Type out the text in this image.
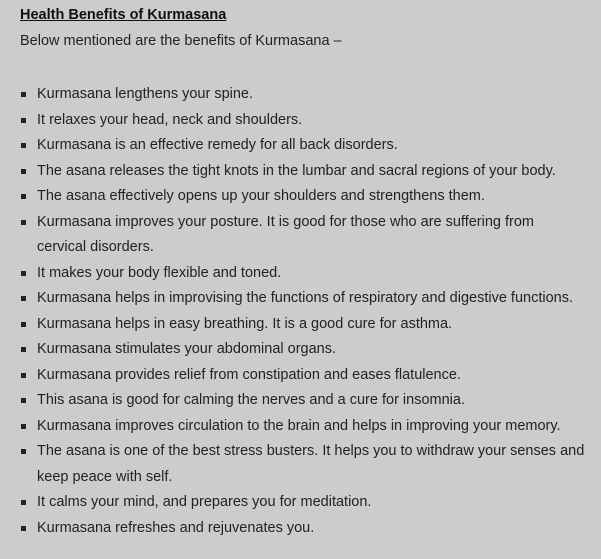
Health Benefits of Kurmasana

Below mentioned are the benefits of Kurmasana –

Kurmasana lengthens your spine.
It relaxes your head, neck and shoulders.
Kurmasana is an effective remedy for all back disorders.
The asana releases the tight knots in the lumbar and sacral regions of your body.
The asana effectively opens up your shoulders and strengthens them.
Kurmasana improves your posture. It is good for those who are suffering from cervical disorders.
It makes your body flexible and toned.
Kurmasana helps in improvising the functions of respiratory and digestive functions.
Kurmasana helps in easy breathing. It is a good cure for asthma.
Kurmasana stimulates your abdominal organs.
Kurmasana provides relief from constipation and eases flatulence.
This asana is good for calming the nerves and a cure for insomnia.
Kurmasana improves circulation to the brain and helps in improving your memory.
The asana is one of the best stress busters. It helps you to withdraw your senses and keep peace with self.
It calms your mind, and prepares you for meditation.
Kurmasana refreshes and rejuvenates you.
